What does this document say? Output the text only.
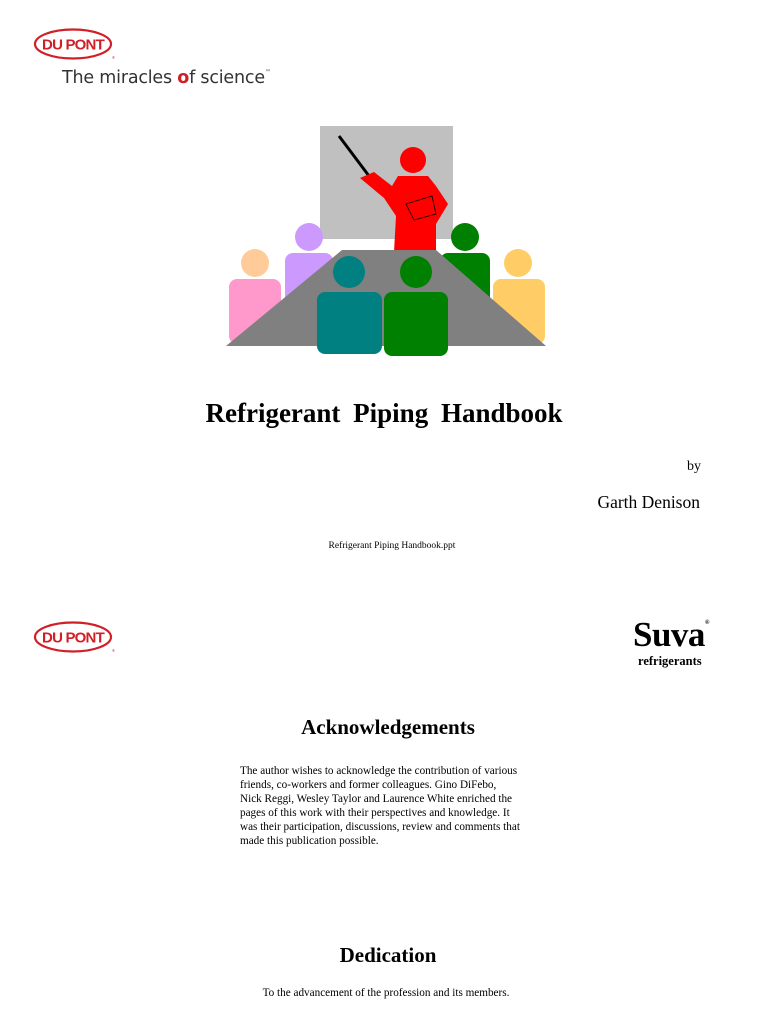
DU PONT
®
The miracles of science™
Refrigerant Piping Handbook
by
Garth Denison
Refrigerant Piping Handbook.ppt
DU PONT
®	Suva®
refrigerants
Acknowledgements
The author wishes to acknowledge the contribution of various
friends, co-workers and former colleagues. Gino DiFebo,
Nick Reggi, Wesley Taylor and Laurence White enriched the
pages of this work with their perspectives and knowledge. It
was their participation, discussions, review and comments that
made this publication possible.
Dedication
To the advancement of the profession and its members.
